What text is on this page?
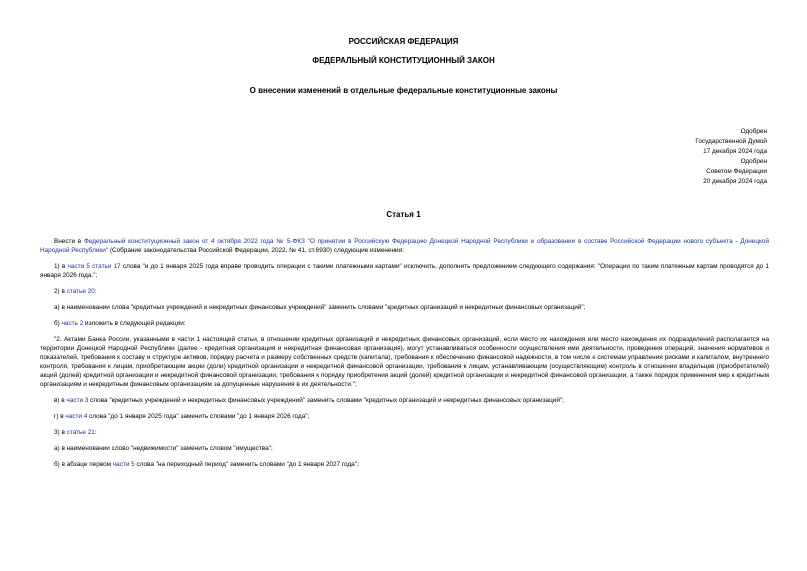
РОССИЙСКАЯ ФЕДЕРАЦИЯ
ФЕДЕРАЛЬНЫЙ КОНСТИТУЦИОННЫЙ ЗАКОН
О внесении изменений в отдельные федеральные конституционные законы
Одобрен
Государственной Думой
17 декабря 2024 года
Одобрен
Советом Федерации
20 декабря 2024 года
Статья 1

Внести в Федеральный конституционный закон от 4 октября 2022 года № 5-ФКЗ "О принятии в Российскую Федерацию Донецкой Народной Республики и образовании в составе Российской Федерации нового субъекта - Донецкой Народной Республики" (Собрание законодательства Российской Федерации, 2022, № 41, ст.6930) следующие изменения:

1) в части 5 статьи 17 слова "и до 1 января 2025 года вправе проводить операции с такими платежными картами" исключить, дополнить предложением следующего содержания: "Операции по таким платежным картам проводятся до 1 января 2026 года.";

2) в статье 20:

а) в наименовании слова "кредитных учреждений и некредитных финансовых учреждений" заменить словами "кредитных организаций и некредитных финансовых организаций";

б) часть 2 изложить в следующей редакции:

"2. Актами Банка России, указанными в части 1 настоящей статьи, в отношении кредитных организаций и некредитных финансовых организаций, если место их нахождения или место нахождения их подразделений располагается на территории Донецкой Народной Республики (далее - кредитная организация и некредитная финансовая организация), могут устанавливаться особенности осуществления ими деятельности, проведения операций, значения нормативов и показателей, требования к составу и структуре активов, порядку расчета и размеру собственных средств (капитала), требования к обеспечению финансовой надежности, в том числе к системам управления рисками и капиталом, внутреннего контроля, требования к лицам, приобретающим акции (доли) кредитной организации и некредитной финансовой организации, требования к лицам, устанавливающим (осуществляющим) контроль в отношении владельцев (приобретателей) акций (долей) кредитной организации и некредитной финансовой организации, требования к порядку приобретения акций (долей) кредитной организации и некредитной финансовой организации, а также порядок применения мер к кредитным организациям и некредитным финансовым организациям за допущенные нарушения в их деятельности.";

в) в части 3 слова "кредитных учреждений и некредитных финансовых учреждений" заменить словами "кредитных организаций и некредитных финансовых организаций";

г) в части 4 слова "до 1 января 2025 года" заменить словами "до 1 января 2026 года";

3) в статье 21:

а) в наименовании слово "недвижимости" заменить словом "имущества";

б) в абзаце первом части 5 слова "на переходный период" заменить словами "до 1 января 2027 года";
